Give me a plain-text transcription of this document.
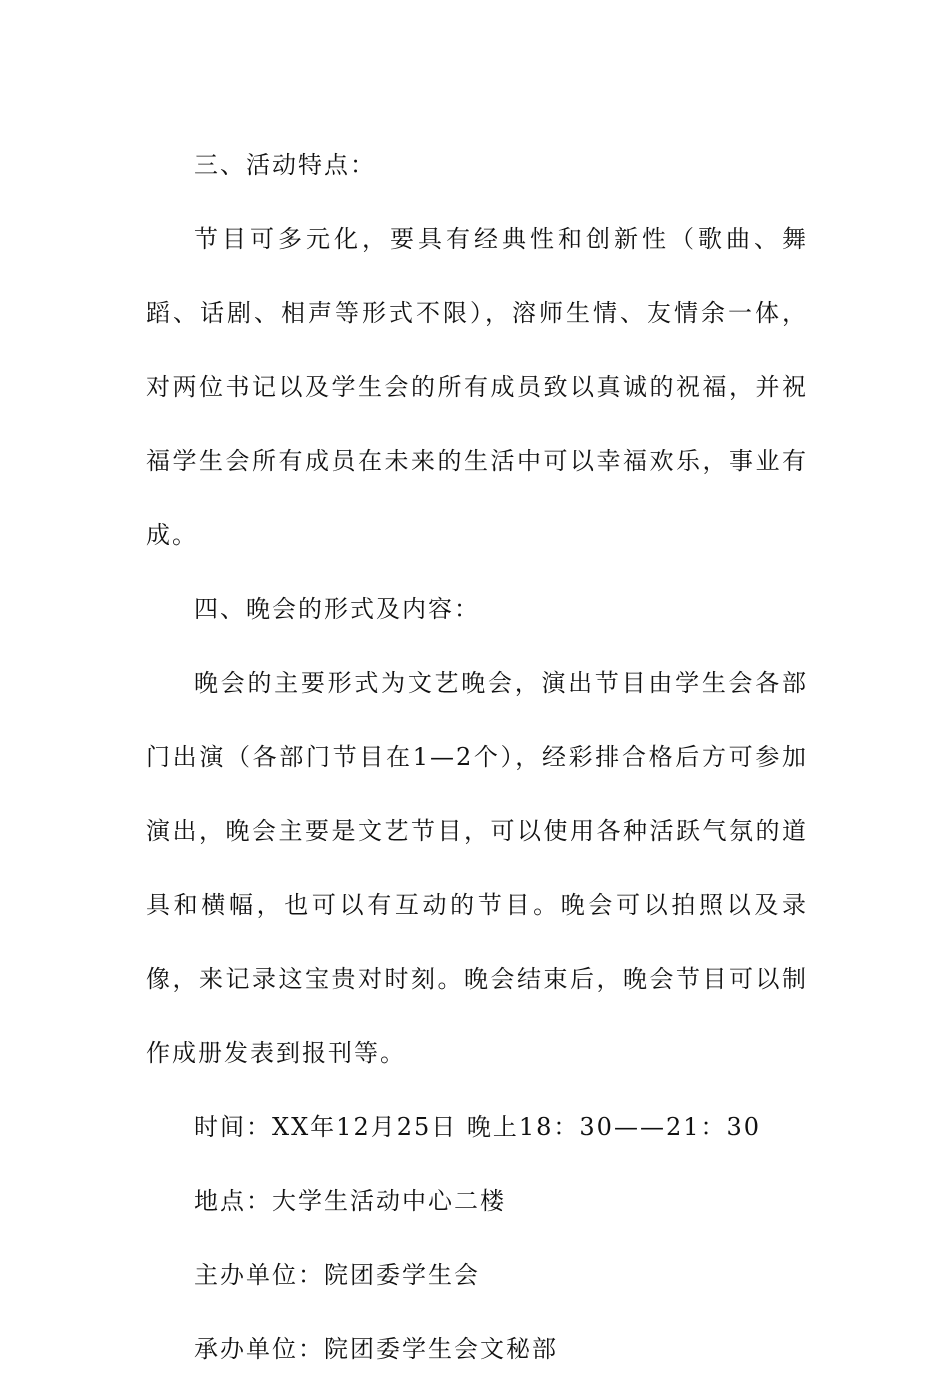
三、活动特点：

节目可多元化，要具有经典性和创新性（歌曲、舞蹈、话剧、相声等形式不限），溶师生情、友情余一体，对两位书记以及学生会的所有成员致以真诚的祝福，并祝福学生会所有成员在未来的生活中可以幸福欢乐，事业有成。

四、晚会的形式及内容：

晚会的主要形式为文艺晚会，演出节目由学生会各部门出演（各部门节目在1—2个），经彩排合格后方可参加演出，晚会主要是文艺节目，可以使用各种活跃气氛的道具和横幅，也可以有互动的节目。晚会可以拍照以及录像，来记录这宝贵对时刻。晚会结束后，晚会节目可以制作成册发表到报刊等。

时间：XX年12月25日 晚上18：30——21：30

地点：大学生活动中心二楼

主办单位：院团委学生会

承办单位：院团委学生会文秘部
